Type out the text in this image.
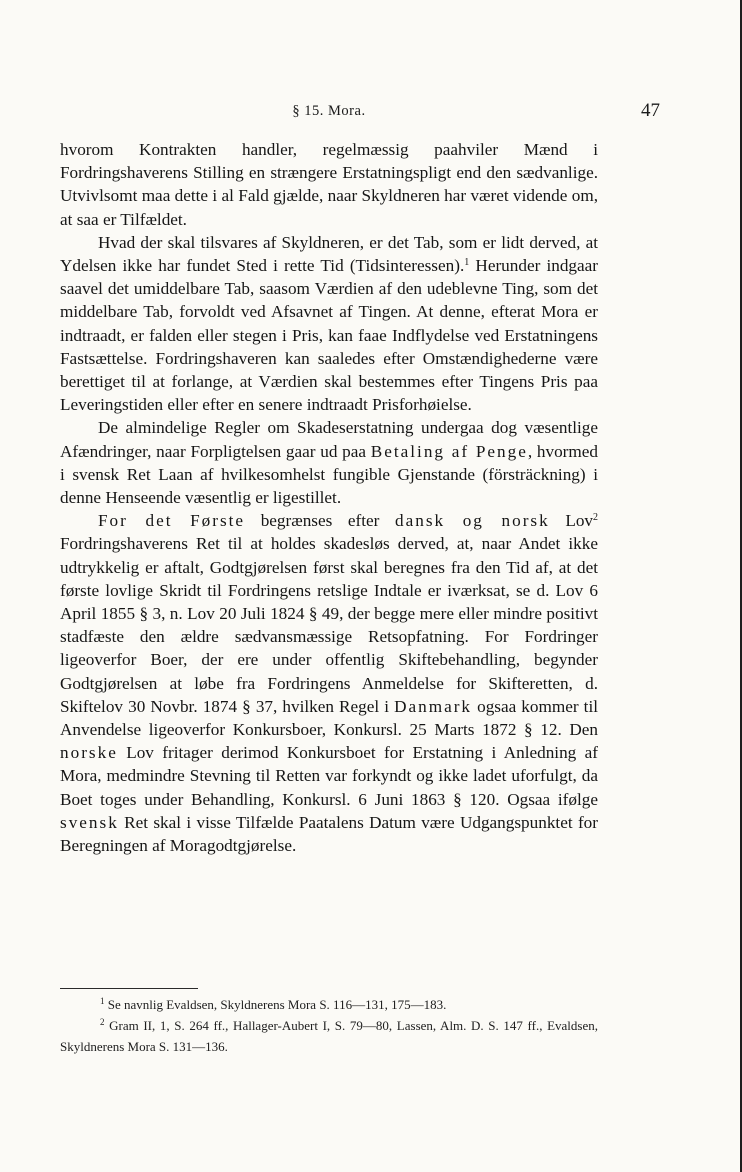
§ 15. Mora.	47

hvorom Kontrakten handler, regelmæssig paahviler Mænd i Fordringshaverens Stilling en strængere Erstatningspligt end den sædvanlige. Utvivlsomt maa dette i al Fald gjælde, naar Skyldneren har været vidende om, at saa er Tilfældet.

Hvad der skal tilsvares af Skyldneren, er det Tab, som er lidt derved, at Ydelsen ikke har fundet Sted i rette Tid (Tidsinteressen).$^1$ Herunder indgaar saavel det umiddelbare Tab, saasom Værdien af den udeblevne Ting, som det middelbare Tab, forvoldt ved Afsavnet af Tingen. At denne, efterat Mora er indtraadt, er falden eller stegen i Pris, kan faae Indflydelse ved Erstatningens Fastsættelse. Fordringshaveren kan saaledes efter Omstændighederne være berettiget til at forlange, at Værdien skal bestemmes efter Tingens Pris paa Leveringstiden eller efter en senere indtraadt Prisforhøielse.

De almindelige Regler om Skadeserstatning undergaa dog væsentlige Afændringer, naar Forpligtelsen gaar ud paa Betaling af Penge, hvormed i svensk Ret Laan af hvilkesomhelst fungible Gjenstande (försträckning) i denne Henseende væsentlig er ligestillet.

For det Første begrænses efter dansk og norsk Lov$^2$ Fordringshaverens Ret til at holdes skadesløs derved, at, naar Andet ikke udtrykkelig er aftalt, Godtgjørelsen først skal beregnes fra den Tid af, at det første lovlige Skridt til Fordringens retslige Indtale er iværksat, se d. Lov 6 April 1855 § 3, n. Lov 20 Juli 1824 § 49, der begge mere eller mindre positivt stadfæste den ældre sædvansmæssige Retsopfatning. For Fordringer ligeoverfor Boer, der ere under offentlig Skiftebehandling, begynder Godtgjørelsen at løbe fra Fordringens Anmeldelse for Skifteretten, d. Skiftelov 30 Novbr. 1874 § 37, hvilken Regel i Danmark ogsaa kommer til Anvendelse ligeoverfor Konkursboer, Konkursl. 25 Marts 1872 § 12. Den norske Lov fritager derimod Konkursboet for Erstatning i Anledning af Mora, medmindre Stevning til Retten var forkyndt og ikke ladet uforfulgt, da Boet toges under Behandling, Konkursl. 6 Juni 1863 § 120. Ogsaa ifølge svensk Ret skal i visse Tilfælde Paatalens Datum være Udgangspunktet for Beregningen af Moragodtgjørelse.

$^1$ Se navnlig Evaldsen, Skyldnerens Mora S. 116—131, 175—183.

$^2$ Gram II, 1, S. 264 ff., Hallager-Aubert I, S. 79—80, Lassen, Alm. D. S. 147 ff., Evaldsen, Skyldnerens Mora S. 131—136.
